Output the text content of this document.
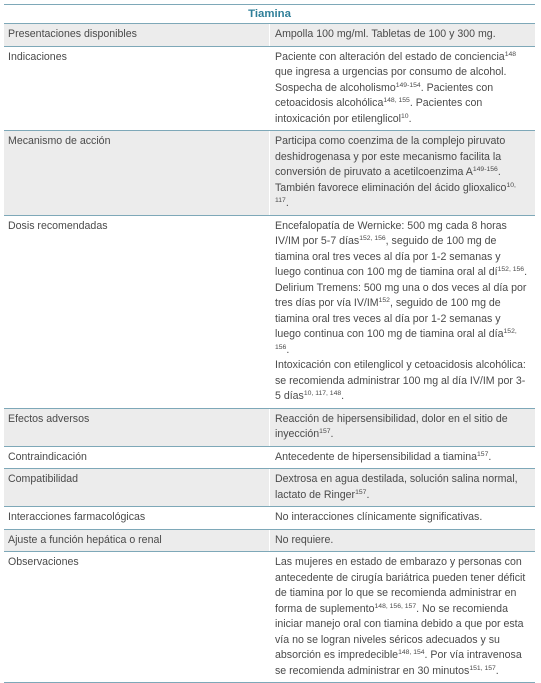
Tiamina	
Presentaciones disponibles	Ampolla 100 mg/ml. Tabletas de 100 y 300 mg.
Indicaciones	Paciente con alteración del estado de conciencia$^{148}$ que ingresa a urgencias por consumo de alcohol. Sospecha de alcoholismo$^{149-154}$. Pacientes con cetoacidosis alcohólica$^{148, 155}$. Pacientes con intoxicación por etilenglicol$^{10}$.
Mecanismo de acción	Participa como coenzima de la complejo piruvato deshidrogenasa y por este mecanismo facilita la conversión de piruvato a acetilcoenzima $A^{149-156}$. También favorece eliminación del ácido glioxalico$^{10, 117}$.
Dosis recomendadas	Encefalopatía de Wernicke: 500 mg cada 8 horas IV/IM por 5-7 días$^{152, 156}$, seguido de 100 mg de tiamina oral tres veces al día por 1-2 semanas y luego continua con 100 mg de tiamina oral al dí$^{152, 156}$.

Delirium Tremens: 500 mg una o dos veces al día por tres días por vía IV/IM$^{152}$, seguido de 100 mg de tiamina oral tres veces al día por 1-2 semanas y luego continua con 100 mg de tiamina oral al día$^{152, 156}$.

Intoxicación con etilenglicol y cetoacidosis alcohólica: se recomienda administrar 100 mg al día IV/IM por 3-5 días$^{10, 117, 148}$.

Efectos adversos	Reacción de hipersensibilidad, dolor en el sitio de inyección$^{157}$.
Contraindicación	Antecedente de hipersensibilidad a tiamina$^{157}$.
Compatibilidad	Dextrosa en agua destilada, solución salina normal, lactato de Ringer$^{157}$.
Interacciones farmacológicas	No interacciones clínicamente significativas.
Ajuste a función hepática o renal	No requiere.
Observaciones	Las mujeres en estado de embarazo y personas con antecedente de cirugía bariátrica pueden tener déficit de tiamina por lo que se recomienda administrar en forma de suplemento$^{148, 156, 157}$. No se recomienda iniciar manejo oral con tiamina debido a que por esta vía no se logran niveles séricos adecuados y su absorción es impredecible$^{148, 154}$. Por vía intravenosa se recomienda administrar en 30 minutos$^{151, 157}$.
